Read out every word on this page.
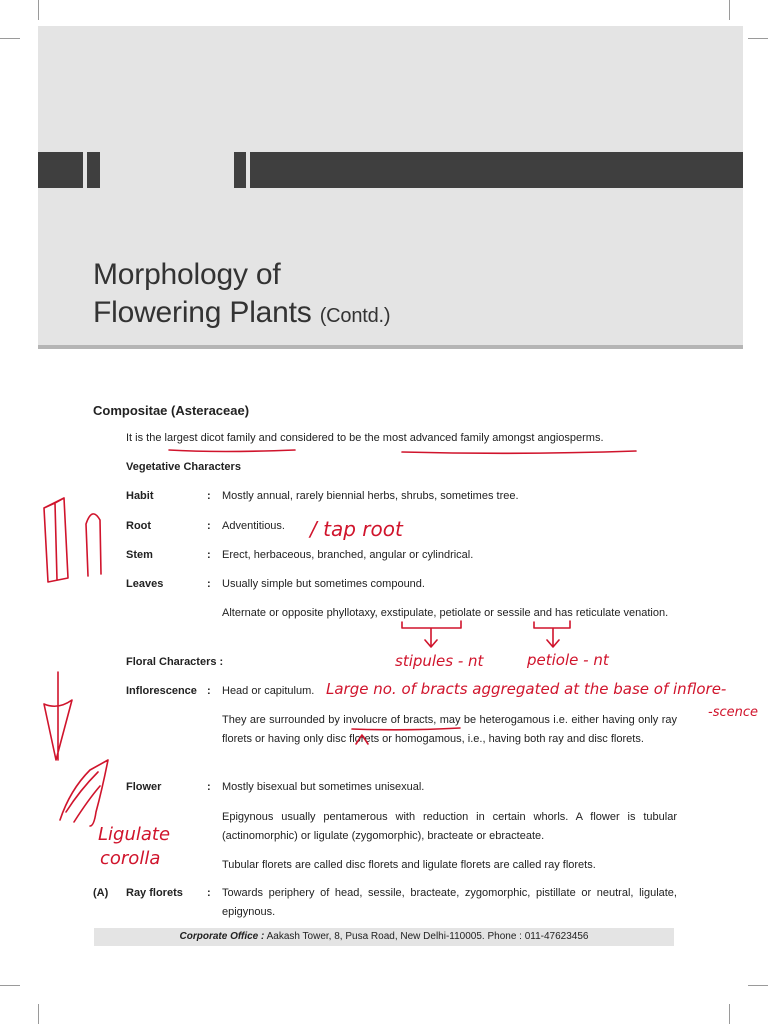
Morphology of
Flowering Plants (Contd.)
Compositae (Asteraceae)
It is the largest dicot family and considered to be the most advanced family amongst angiosperms.
Vegetative Characters
Habit	: Mostly annual, rarely biennial herbs, shrubs, sometimes tree.
Root	: Adventitious.
Stem	: Erect, herbaceous, branched, angular or cylindrical.
Leaves	: Usually simple but sometimes compound.
Alternate or opposite phyllotaxy, exstipulate, petiolate or sessile and has reticulate venation.
Floral Characters :
Inflorescence : Head or capitulum.
They are surrounded by involucre of bracts, may be heterogamous i.e. either having only ray florets or having only disc florets or homogamous, i.e., having both ray and disc florets.
Flower	: Mostly bisexual but sometimes unisexual.
Epigynous usually pentamerous with reduction in certain whorls. A flower is tubular (actinomorphic) or ligulate (zygomorphic), bracteate or ebracteate.
Tubular florets are called disc florets and ligulate florets are called ray florets.
(A) Ray florets : Towards periphery of head, sessile, bracteate, zygomorphic, pistillate or neutral, ligulate, epigynous.
Corporate Office : Aakash Tower, 8, Pusa Road, New Delhi-110005. Phone : 011-47623456
/ tap root
stipules - nt	petiole - nt
Large no. of bracts aggregated at the base of inflore-
-scence
Ligulate
corolla
